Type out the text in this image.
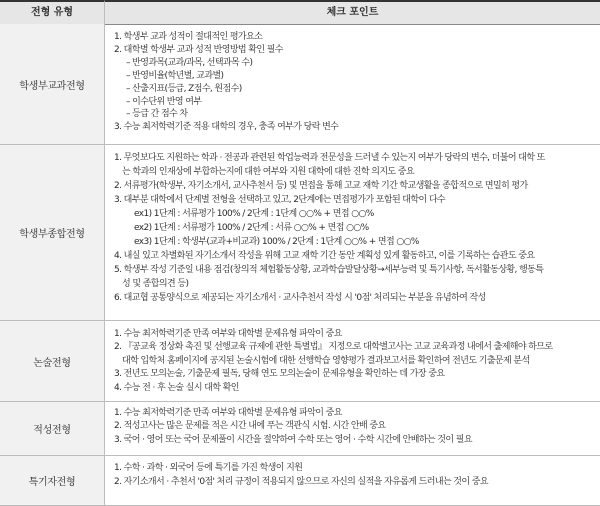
전형 유형	체크 포인트
학생부교과전형
1. 학생부 교과 성적이 절대적인 평가요소
2. 대학별 학생부 교과 성적 반영방법 확인 필수
– 반영과목(교과/과목, 선택과목 수)
– 반영비율(학년별, 교과별)
– 산출지표(등급, Z점수, 원점수)
– 이수단위 반영 여부
– 등급 간 점수 차
3. 수능 최저학력기준 적용 대학의 경우, 충족 여부가 당락 변수
학생부종합전형
1. 무엇보다도 지원하는 학과 · 전공과 관련된 학업능력과 전문성을 드러낼 수 있는지 여부가 당락의 변수, 더불어 대학 또
는 학과의 인재상에 부합하는지에 대한 여부와 지원 대학에 대한 진학 의지도 중요
2. 서류평가(학생부, 자기소개서, 교사추천서 등) 및 면접을 통해 고교 재학 기간 학교생활을 종합적으로 면밀히 평가
3. 대부분 대학에서 단계별 전형을 선택하고 있고, 2단계에는 면접평가가 포함된 대학이 다수
ex1) 1단계 : 서류평가 100% / 2단계 : 1단계 ○○% + 면접 ○○%
ex2) 1단계 : 서류평가 100% / 2단계 : 서류 ○○% + 면접 ○○%
ex3) 1단계 : 학생부(교과+비교과) 100% / 2단계 : 1단계 ○○% + 면접 ○○%
4. 내실 있고 차별화된 자기소개서 작성을 위해 고교 재학 기간 동안 계획성 있게 활동하고, 이를 기록하는 습관도 중요
5. 학생부 작성 기준일 내용 점검(창의적 체험활동상황, 교과학습발달상황→세부능력 및 특기사항, 독서활동상황, 행동특
성 및 종합의견 등)
6. 대교협 공통양식으로 제공되는 자기소개서 · 교사추천서 작성 시 '0점' 처리되는 부분을 유념하여 작성
논술전형
1. 수능 최저학력기준 만족 여부와 대학별 문제유형 파악이 중요
2. 『공교육 정상화 촉진 및 선행교육 규제에 관한 특별법』 지정으로 대학별고사는 고교 교육과정 내에서 출제해야 하므로
대학 입학처 홈페이지에 공지된 논술시험에 대한 선행학습 영향평가 결과보고서를 확인하여 전년도 기출문제 분석
3. 전년도 모의논술, 기출문제 필독, 당해 연도 모의논술이 문제유형을 확인하는 데 가장 중요
4. 수능 전 · 후 논술 실시 대학 확인
적성전형
1. 수능 최저학력기준 만족 여부와 대학별 문제유형 파악이 중요
2. 적성고사는 많은 문제를 적은 시간 내에 푸는 객관식 시험. 시간 안배 중요
3. 국어 · 영어 또는 국어 문제풀이 시간을 절약하여 수학 또는 영어 · 수학 시간에 안배하는 것이 필요
특기자전형
1. 수학 · 과학 · 외국어 등에 특기를 가진 학생이 지원
2. 자기소개서 · 추천서 '0점' 처리 규정이 적용되지 않으므로 자신의 실적을 자유롭게 드러내는 것이 중요
